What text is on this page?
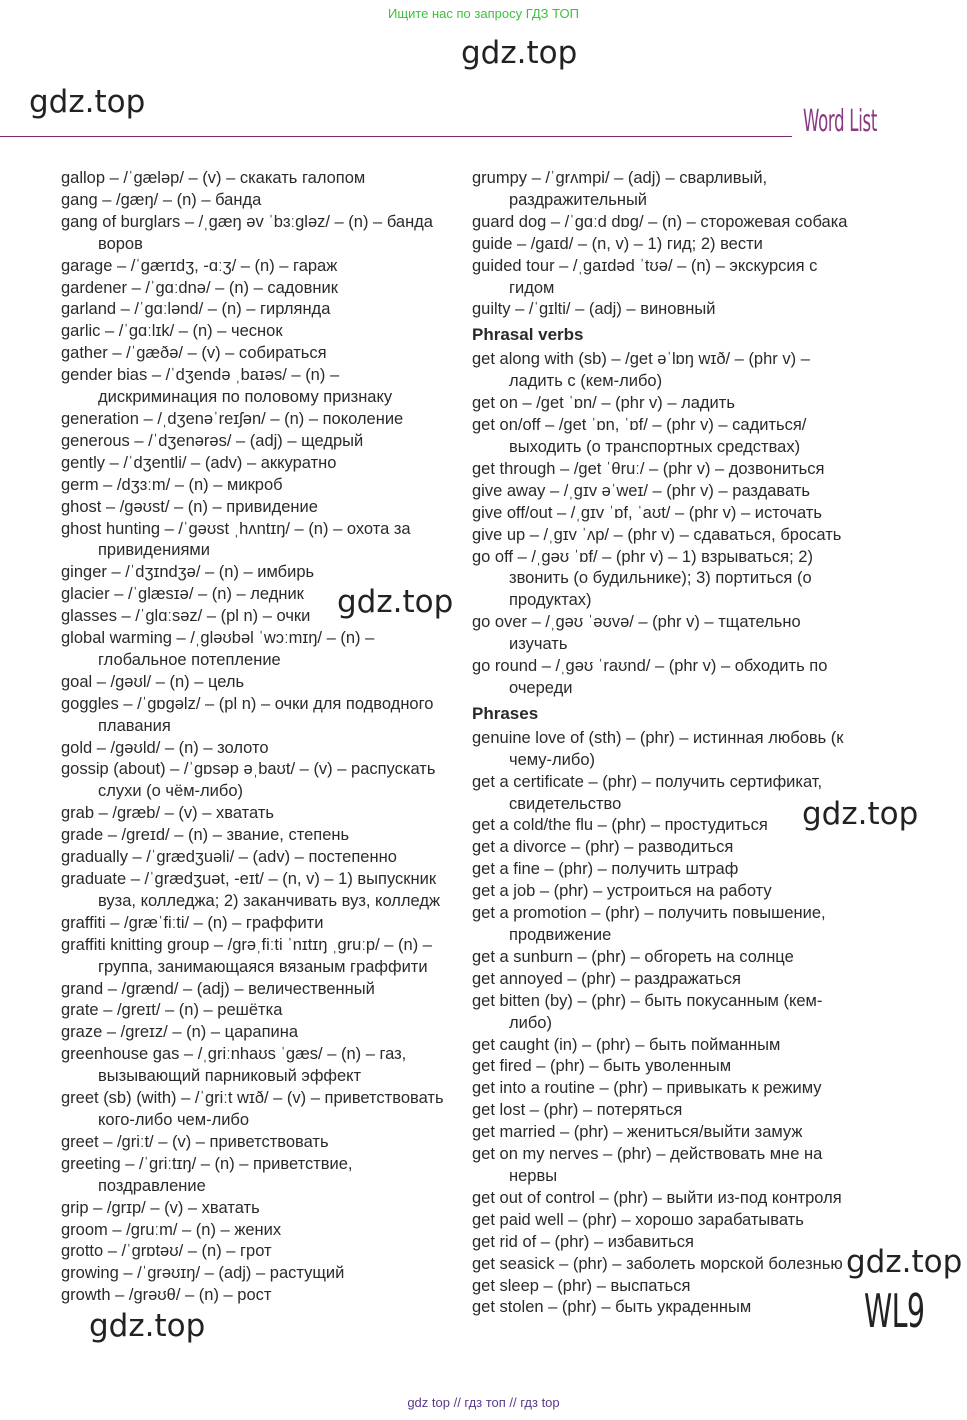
Ищите нас по запросу ГДЗ ТОП
gdz.top
gdz.top
gdz.top
gdz.top
gdz.top
gdz.top
Word List
gallop – /ˈɡæləp/ – (v) – скакать галопом
gang – /ɡæŋ/ – (n) – банда
gang of burglars – /ˌɡæŋ əv ˈbɜːɡləz/ – (n) – банда воров
garage – /ˈɡærɪdʒ, -ɑːʒ/ – (n) – гараж
gardener – /ˈɡɑːdnə/ – (n) – садовник
garland – /ˈɡɑːlənd/ – (n) – гирлянда
garlic – /ˈɡɑːlɪk/ – (n) – чеснок
gather – /ˈɡæðə/ – (v) – собираться
gender bias – /ˈdʒendə ˌbaɪəs/ – (n) – дискриминация по половому признаку
generation – /ˌdʒenəˈreɪʃən/ – (n) – поколение
generous – /ˈdʒenərəs/ – (adj) – щедрый
gently – /ˈdʒentli/ – (adv) – аккуратно
germ – /dʒɜːm/ – (n) – микроб
ghost – /ɡəʊst/ – (n) – привидение
ghost hunting – /ˈɡəʊst ˌhʌntɪŋ/ – (n) – охота за привидениями
ginger – /ˈdʒɪndʒə/ – (n) – имбирь
glacier – /ˈɡlæsɪə/ – (n) – ледник
glasses – /ˈɡlɑːsəz/ – (pl n) – очки
global warming – /ˌɡləʊbəl ˈwɔːmɪŋ/ – (n) – глобальное потепление
goal – /ɡəʊl/ – (n) – цель
goggles – /ˈɡɒɡəlz/ – (pl n) – очки для подводного плавания
gold – /ɡəʊld/ – (n) – золото
gossip (about) – /ˈɡɒsəp əˌbaʊt/ – (v) – распускать слухи (о чём-либо)
grab – /ɡræb/ – (v) – хватать
grade – /ɡreɪd/ – (n) – звание, степень
gradually – /ˈɡrædʒuəli/ – (adv) – постепенно
graduate – /ˈɡrædʒuət, -eɪt/ – (n, v) – 1) выпускник вуза, колледжа; 2) заканчивать вуз, колледж
graffiti – /ɡræˈfiːti/ – (n) – граффити
graffiti knitting group – /ɡrəˌfiːti ˈnɪtɪŋ ˌɡruːp/ – (n) – группа, занимающаяся вязаным граффити
grand – /ɡrænd/ – (adj) – величественный
grate – /ɡreɪt/ – (n) – решётка
graze – /ɡreɪz/ – (n) – царапина
greenhouse gas – /ˌɡriːnhaʊs ˈɡæs/ – (n) – газ, вызывающий парниковый эффект
greet (sb) (with) – /ˈɡriːt wɪð/ – (v) – приветствовать кого-либо чем-либо
greet – /ɡriːt/ – (v) – приветствовать
greeting – /ˈɡriːtɪŋ/ – (n) – приветствие, поздравление
grip – /ɡrɪp/ – (v) – хватать
groom – /ɡruːm/ – (n) – жених
grotto – /ˈɡrɒtəʊ/ – (n) – грот
growing – /ˈɡrəʊɪŋ/ – (adj) – растущий
growth – /ɡrəʊθ/ – (n) – рост
grumpy – /ˈɡrʌmpi/ – (adj) – сварливый, раздражительный
guard dog – /ˈɡɑːd dɒɡ/ – (n) – сторожевая собака
guide – /ɡaɪd/ – (n, v) – 1) гид; 2) вести
guided tour – /ˌɡaɪdəd ˈtʊə/ – (n) – экскурсия с гидом
guilty – /ˈɡɪlti/ – (adj) – виновный
Phrasal verbs
get along with (sb) – /ɡet əˈlɒŋ wɪð/ – (phr v) – ладить с (кем-либо)
get on – /ɡet ˈɒn/ – (phr v) – ладить
get on/off – /ɡet ˈɒn, ˈɒf/ – (phr v) – садиться/выходить (о транспортных средствах)
get through – /ɡet ˈθruː/ – (phr v) – дозвониться
give away – /ˌɡɪv əˈweɪ/ – (phr v) – раздавать
give off/out – /ˌɡɪv ˈɒf, ˈaʊt/ – (phr v) – источать
give up – /ˌɡɪv ˈʌp/ – (phr v) – сдаваться, бросать
go off – /ˌɡəʊ ˈɒf/ – (phr v) – 1) взрываться; 2) звонить (о будильнике); 3) портиться (о продуктах)
go over – /ˌɡəʊ ˈəʊvə/ – (phr v) – тщательно изучать
go round – /ˌɡəʊ ˈraʊnd/ – (phr v) – обходить по очереди
Phrases
genuine love of (sth) – (phr) – истинная любовь (к чему-либо)
get a certificate – (phr) – получить сертификат, свидетельство
get a cold/the flu – (phr) – простудиться
get a divorce – (phr) – разводиться
get a fine – (phr) – получить штраф
get a job – (phr) – устроиться на работу
get a promotion – (phr) – получить повышение, продвижение
get a sunburn – (phr) – обгореть на солнце
get annoyed – (phr) – раздражаться
get bitten (by) – (phr) – быть покусанным (кем-либо)
get caught (in) – (phr) – быть пойманным
get fired – (phr) – быть уволенным
get into a routine – (phr) – привыкать к режиму
get lost – (phr) – потеряться
get married – (phr) – жениться/выйти замуж
get on my nerves – (phr) – действовать мне на нервы
get out of control – (phr) – выйти из-под контроля
get paid well – (phr) – хорошо зарабатывать
get rid of – (phr) – избавиться
get seasick – (phr) – заболеть морской болезнью
get sleep – (phr) – выспаться
get stolen – (phr) – быть украденным	WL9
gdz top // гдз топ // гдз top
